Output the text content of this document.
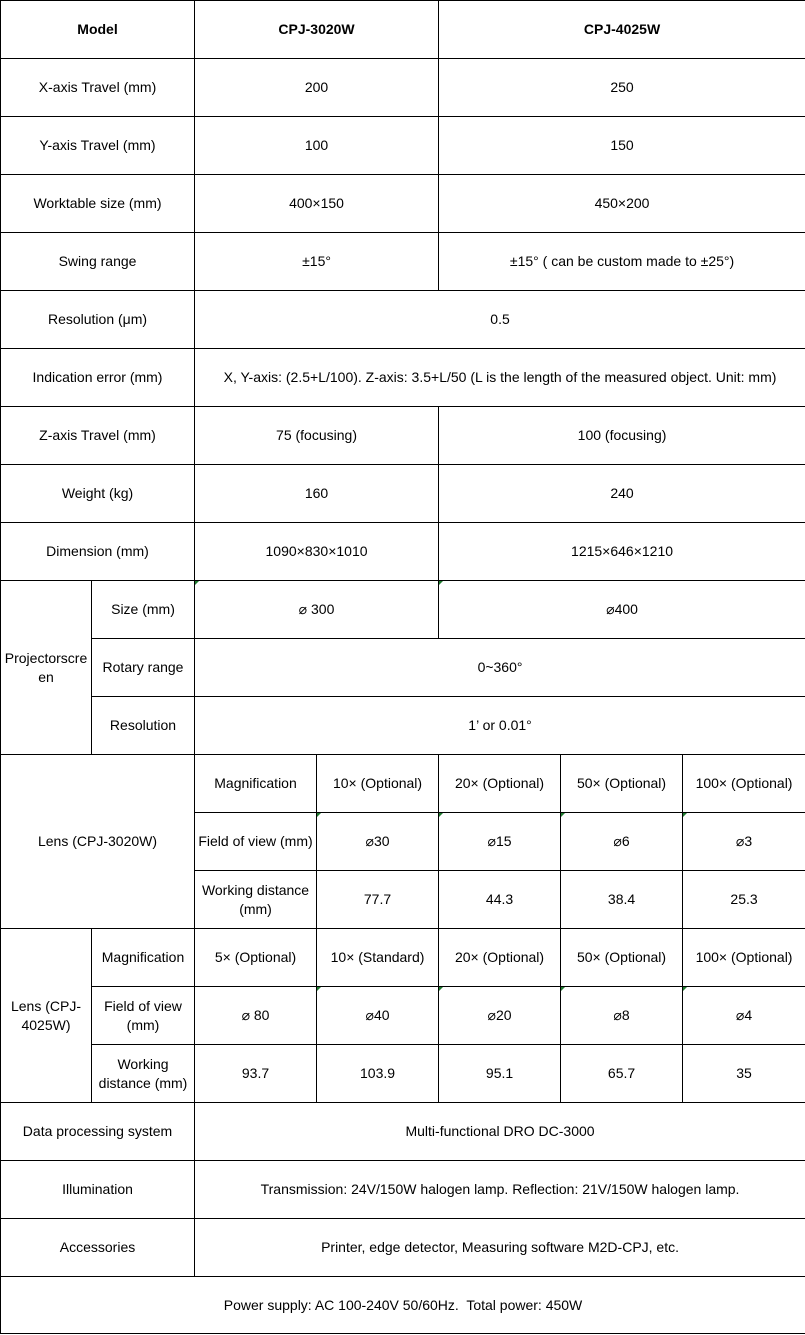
Model		CPJ-3020W		CPJ-4025W		
X-axis Travel (mm)		200		250		
Y-axis Travel (mm)		100		150		
Worktable size (mm)		400×150		450×200		
Swing range		±15°		±15° ( can be custom made to ±25°)		
Resolution (μm)		0.5				
Indication error (mm)		X, Y-axis: (2.5+L/100). Z-axis: 3.5+L/50 (L is the length of the measured object. Unit: mm)				
Z-axis Travel (mm)		75 (focusing)		100 (focusing)		
Weight (kg)		160		240		
Dimension (mm)		1090×830×1010		1215×646×1210		
Projectorscreen	Size (mm)	⌀ 300		⌀400		
	Rotary range	0~360°				
	Resolution	1’ or 0.01°				
Lens (CPJ-3020W)		Magnification	10× (Optional)	20× (Optional)	50× (Optional)	100× (Optional)
		Field of view (mm)	⌀30	⌀15	⌀6	⌀3
		Working distance (mm)	77.7	44.3	38.4	25.3
Lens (CPJ-4025W)	Magnification	5× (Optional)	10× (Standard)	20× (Optional)	50× (Optional)	100× (Optional)
	Field of view (mm)	⌀ 80	⌀40	⌀20	⌀8	⌀4
	Working distance (mm)	93.7	103.9	95.1	65.7	35
Data processing system		Multi-functional DRO DC-3000				
Illumination		Transmission: 24V/150W halogen lamp. Reflection: 21V/150W halogen lamp.				
Accessories		Printer, edge detector, Measuring software M2D-CPJ, etc.				
Power supply: AC 100-240V 50/60Hz.  Total power: 450W						
